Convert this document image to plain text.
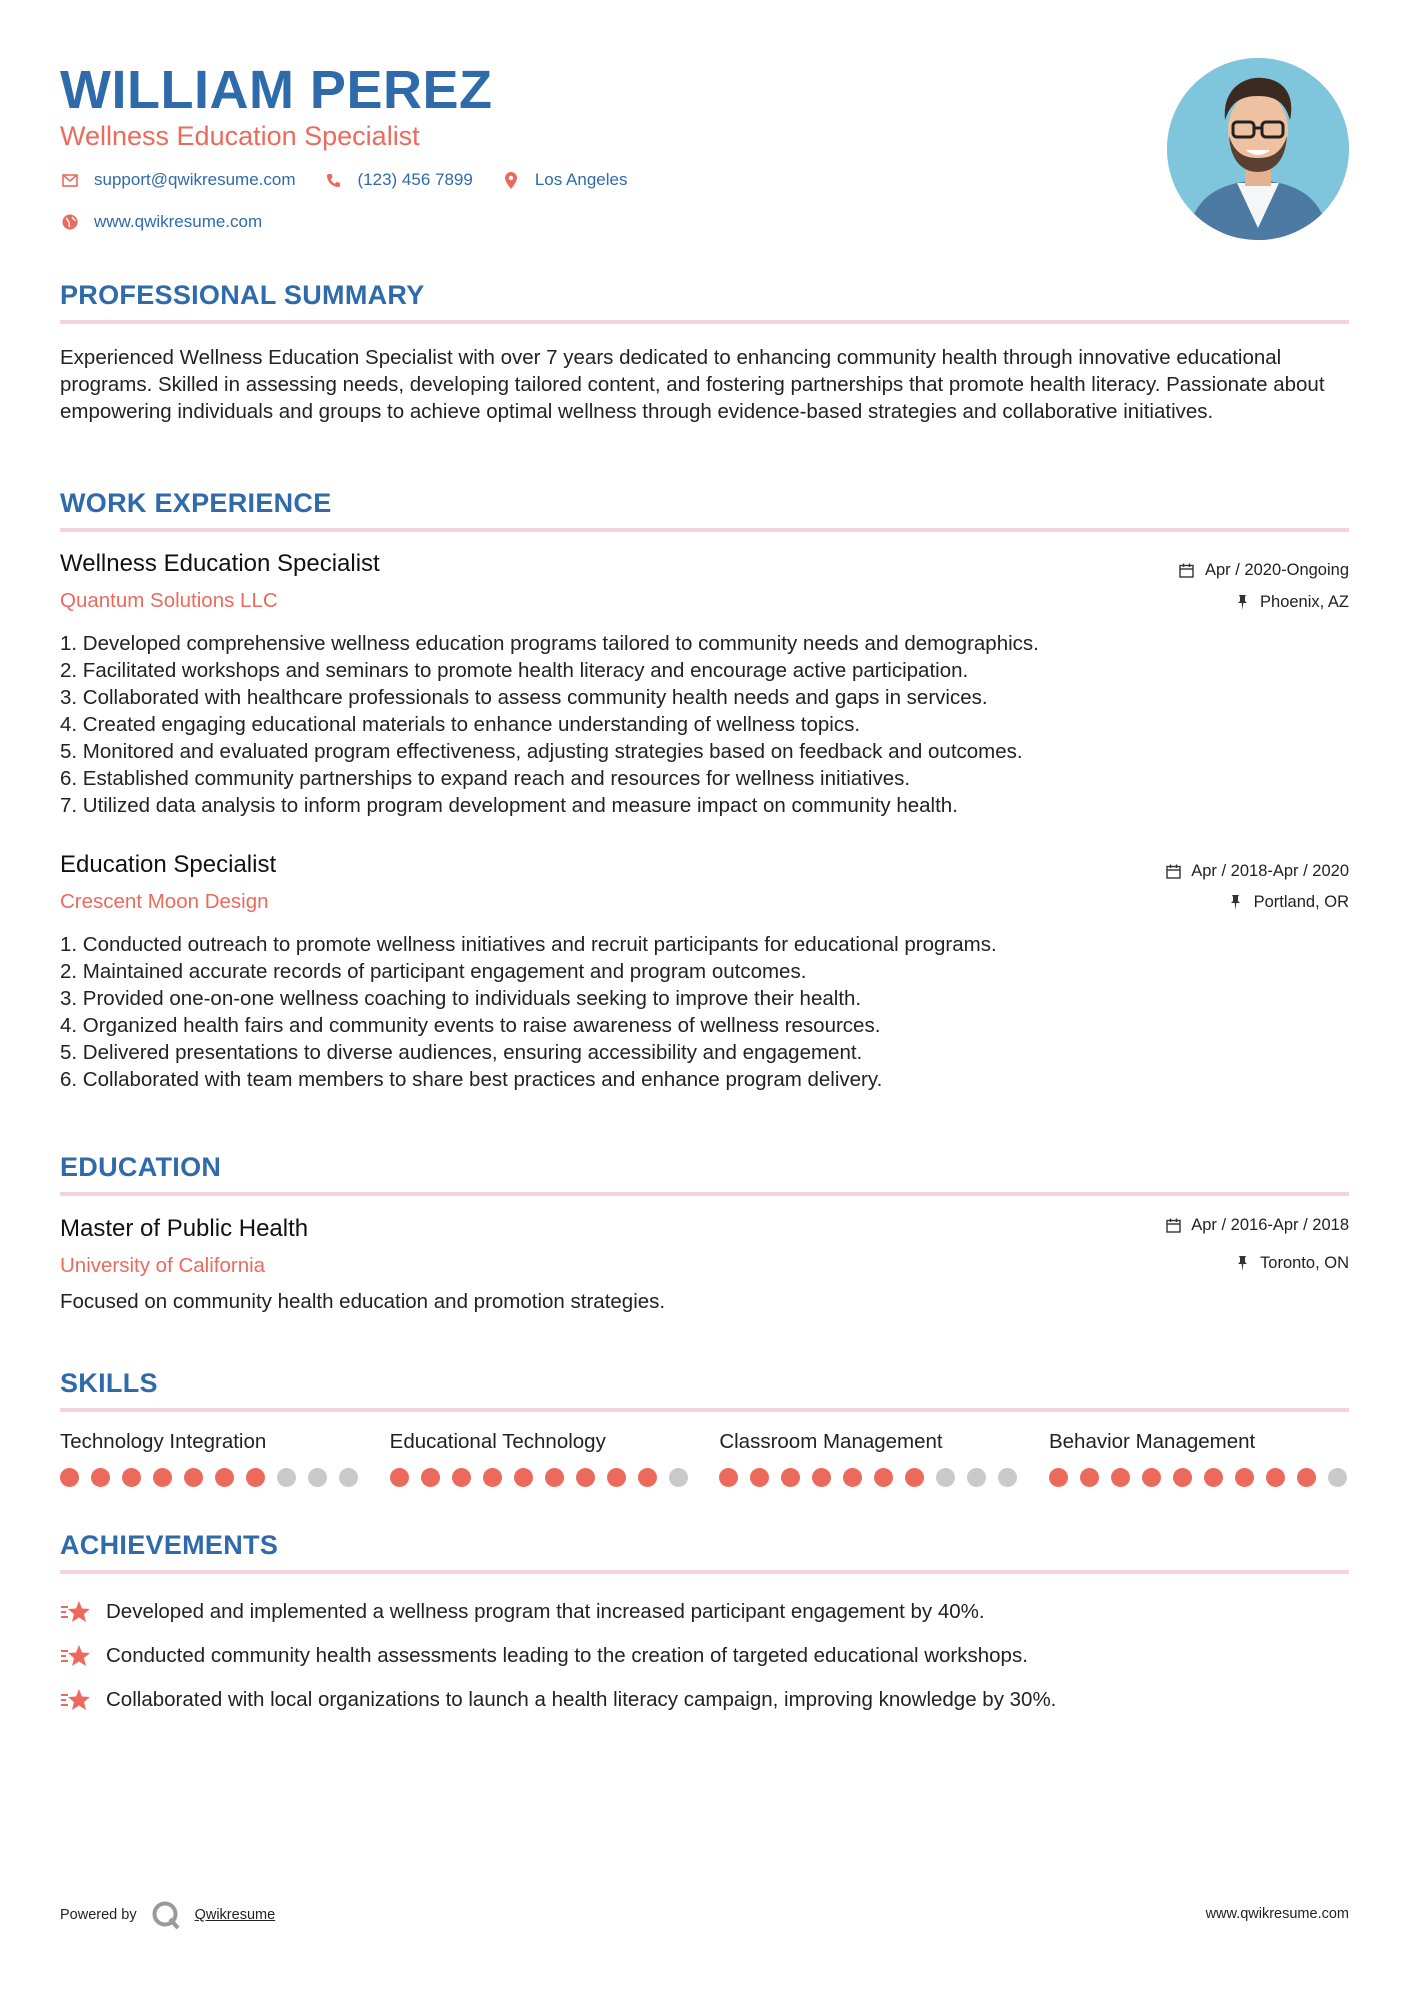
WILLIAM PEREZ
Wellness Education Specialist
support@qwikresume.com	(123) 456 7899	Los Angeles
www.qwikresume.com
PROFESSIONAL SUMMARY

Experienced Wellness Education Specialist with over 7 years dedicated to enhancing community health through innovative educational programs. Skilled in assessing needs, developing tailored content, and fostering partnerships that promote health literacy. Passionate about empowering individuals and groups to achieve optimal wellness through evidence-based strategies and collaborative initiatives.

WORK EXPERIENCE
Wellness Education Specialist
Quantum Solutions LLC
Apr / 2020-Ongoing
Phoenix, AZ
1. Developed comprehensive wellness education programs tailored to community needs and demographics.
2. Facilitated workshops and seminars to promote health literacy and encourage active participation.
3. Collaborated with healthcare professionals to assess community health needs and gaps in services.
4. Created engaging educational materials to enhance understanding of wellness topics.
5. Monitored and evaluated program effectiveness, adjusting strategies based on feedback and outcomes.
6. Established community partnerships to expand reach and resources for wellness initiatives.
7. Utilized data analysis to inform program development and measure impact on community health.
Education Specialist
Crescent Moon Design
Apr / 2018-Apr / 2020
Portland, OR
1. Conducted outreach to promote wellness initiatives and recruit participants for educational programs.
2. Maintained accurate records of participant engagement and program outcomes.
3. Provided one-on-one wellness coaching to individuals seeking to improve their health.
4. Organized health fairs and community events to raise awareness of wellness resources.
5. Delivered presentations to diverse audiences, ensuring accessibility and engagement.
6. Collaborated with team members to share best practices and enhance program delivery.
EDUCATION
Master of Public Health
University of California
Apr / 2016-Apr / 2018
Toronto, ON
Focused on community health education and promotion strategies.
SKILLS
Technology Integration	Educational Technology	Classroom Management	Behavior Management
ACHIEVEMENTS
Developed and implemented a wellness program that increased participant engagement by 40%.
Conducted community health assessments leading to the creation of targeted educational workshops.
Collaborated with local organizations to launch a health literacy campaign, improving knowledge by 30%.
Powered by	Qwikresume	www.qwikresume.com
